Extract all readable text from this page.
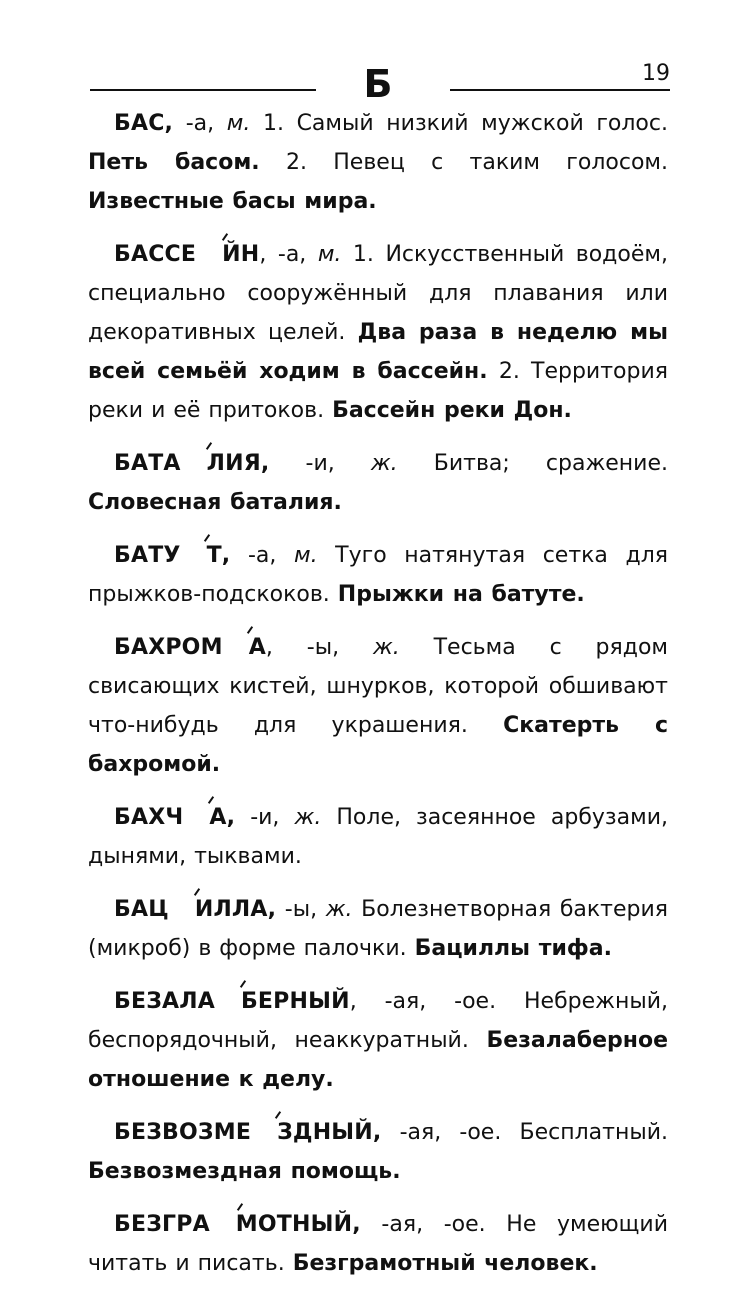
Б	19

БАС, -а, м. 1. Самый низкий мужской голос. Петь басом. 2. Певец с таким голосом. Известные басы мира.

БАССЕ ЙН, -а, м. 1. Искусственный водоём, специально сооружённый для плавания или декоративных целей. Два раза в неделю мы всей семьёй ходим в бассейн. 2. Территория реки и её притоков. Бассейн реки Дон.

БАТА ЛИЯ, -и, ж. Битва; сражение. Словесная баталия.

БАТУ Т, -а, м. Туго натянутая сетка для прыжков-подскоков. Прыжки на батуте.

БАХРОМ А, -ы, ж. Тесьма с рядом свисающих кистей, шнурков, которой обшивают что-нибудь для украшения. Скатерть с бахромой.

БАХЧ А, -и, ж. Поле, засеянное арбузами, дынями, тыквами.

БАЦ ИЛЛА, -ы, ж. Болезнетворная бактерия (микроб) в форме палочки. Бациллы тифа.

БЕЗАЛА БЕРНЫЙ, -ая, -ое. Небрежный, беспорядочный, неаккуратный. Безалаберное отношение к делу.

БЕЗВОЗМЕ ЗДНЫЙ, -ая, -ое. Бесплатный. Безвозмездная помощь.

БЕЗГРА МОТНЫЙ, -ая, -ое. Не умеющий читать и писать. Безграмотный человек.
